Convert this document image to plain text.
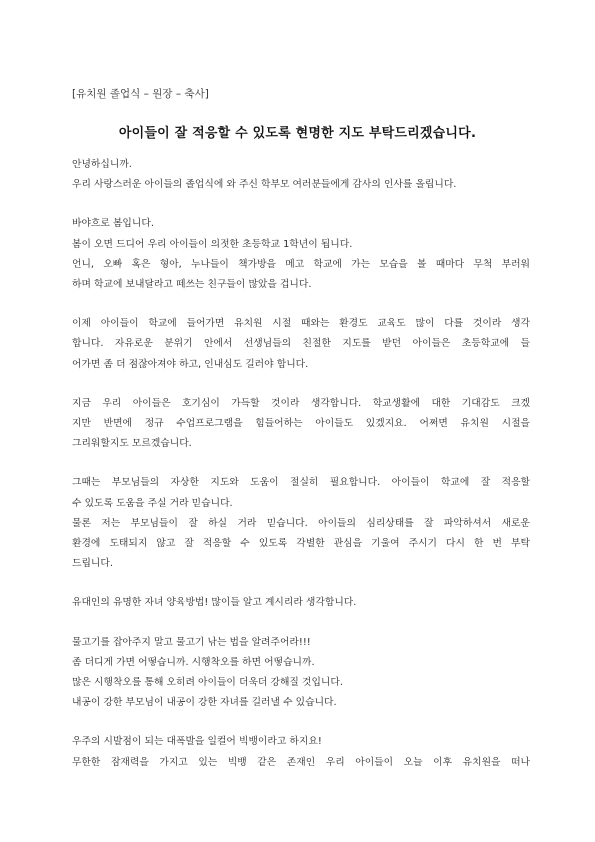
[유치원 졸업식 – 원장 – 축사]
아이들이 잘 적응할 수 있도록 현명한 지도 부탁드리겠습니다.
안녕하십니까.
우리 사랑스러운 아이들의 졸업식에 와 주신 학부모 여러분들에게 감사의 인사를 올립니다.
바야흐로 봄입니다.
봄이 오면 드디어 우리 아이들이 의젓한 초등학교 1학년이 됩니다.
언니, 오빠 혹은 형아, 누나들이 책가방을 메고 학교에 가는 모습을 볼 때마다 무척 부러워
하며 학교에 보내달라고 떼쓰는 친구들이 많았을 겁니다.
이제 아이들이 학교에 들어가면 유치원 시절 때와는 환경도 교육도 많이 다를 것이라 생각
합니다. 자유로운 분위기 안에서 선생님들의 친절한 지도를 받던 아이들은 초등학교에 들
어가면 좀 더 점잖아져야 하고, 인내심도 길러야 합니다.
지금 우리 아이들은 호기심이 가득할 것이라 생각합니다. 학교생활에 대한 기대감도 크겠
지만 반면에 정규 수업프로그램을 힘들어하는 아이들도 있겠지요. 어쩌면 유치원 시절을
그리워할지도 모르겠습니다.
그때는 부모님들의 자상한 지도와 도움이 절실히 필요합니다. 아이들이 학교에 잘 적응할
수 있도록 도움을 주실 거라 믿습니다.
물론 저는 부모님들이 잘 하실 거라 믿습니다. 아이들의 심리상태를 잘 파악하셔서 새로운
환경에 도태되지 않고 잘 적응할 수 있도록 각별한 관심을 기울여 주시기 다시 한 번 부탁
드립니다.
유대인의 유명한 자녀 양육방법! 많이들 알고 계시리라 생각합니다.
물고기를 잡아주지 말고 물고기 낚는 법을 알려주어라!!!
좀 더디게 가면 어떻습니까. 시행착오를 하면 어떻습니까.
많은 시행착오를 통해 오히려 아이들이 더욱더 강해질 것입니다.
내공이 강한 부모님이 내공이 강한 자녀를 길러낼 수 있습니다.
우주의 시발점이 되는 대폭발을 일컬어 빅뱅이라고 하지요!
무한한 잠재력을 가지고 있는 빅뱅 같은 존재인 우리 아이들이 오늘 이후 유치원을 떠나
